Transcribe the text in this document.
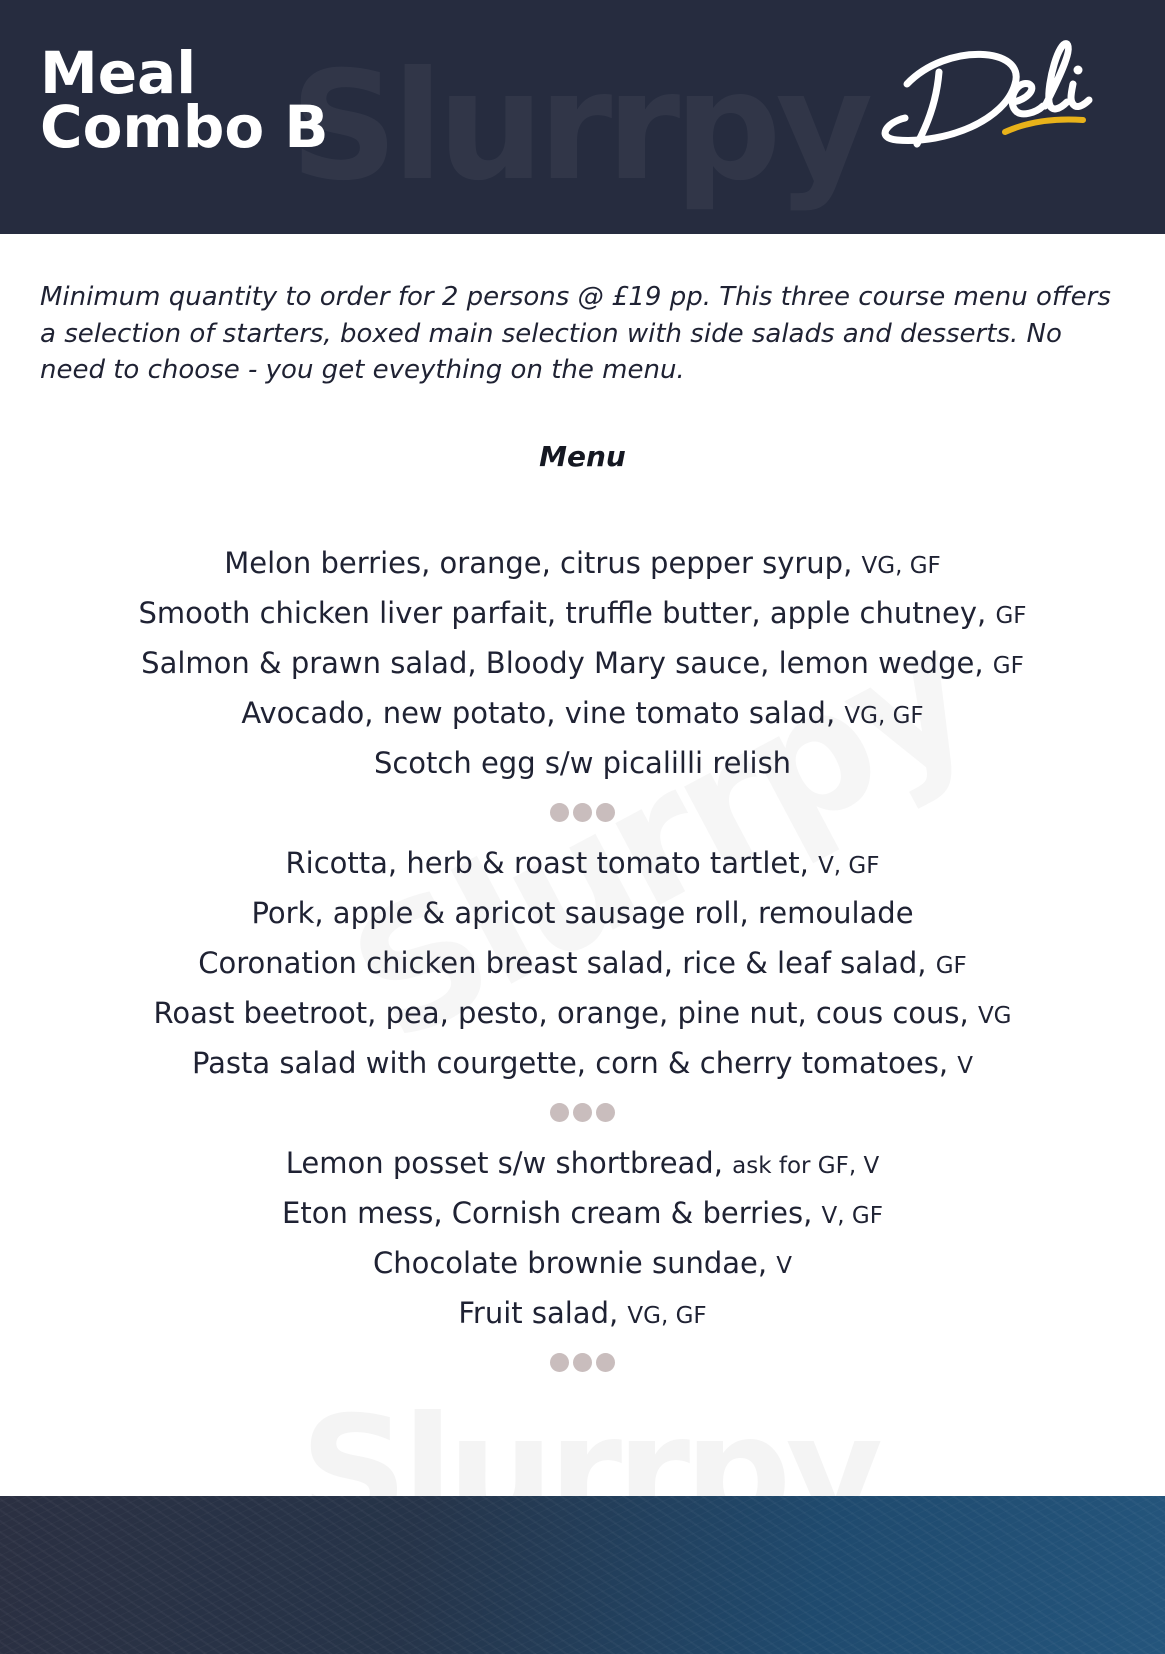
Slurrpy
Meal
Combo B
Deli

Minimum quantity to order for 2 persons @ £19 pp. This three course menu offers a selection of starters, boxed main selection with side salads and desserts. No need to choose - you get eveything on the menu.

Menu
Melon berries, orange, citrus pepper syrup, VG, GF
Smooth chicken liver parfait, truffle butter, apple chutney, GF
Salmon & prawn salad, Bloody Mary sauce, lemon wedge, GF
Avocado, new potato, vine tomato salad, VG, GF
Scotch egg s/w picalilli relish
Ricotta, herb & roast tomato tartlet, V, GF
Pork, apple & apricot sausage roll, remoulade
Coronation chicken breast salad, rice & leaf salad, GF
Roast beetroot, pea, pesto, orange, pine nut, cous cous, VG
Pasta salad with courgette, corn & cherry tomatoes, V
Lemon posset s/w shortbread, ask for GF, V
Eton mess, Cornish cream & berries, V, GF
Chocolate brownie sundae, V
Fruit salad, VG, GF
